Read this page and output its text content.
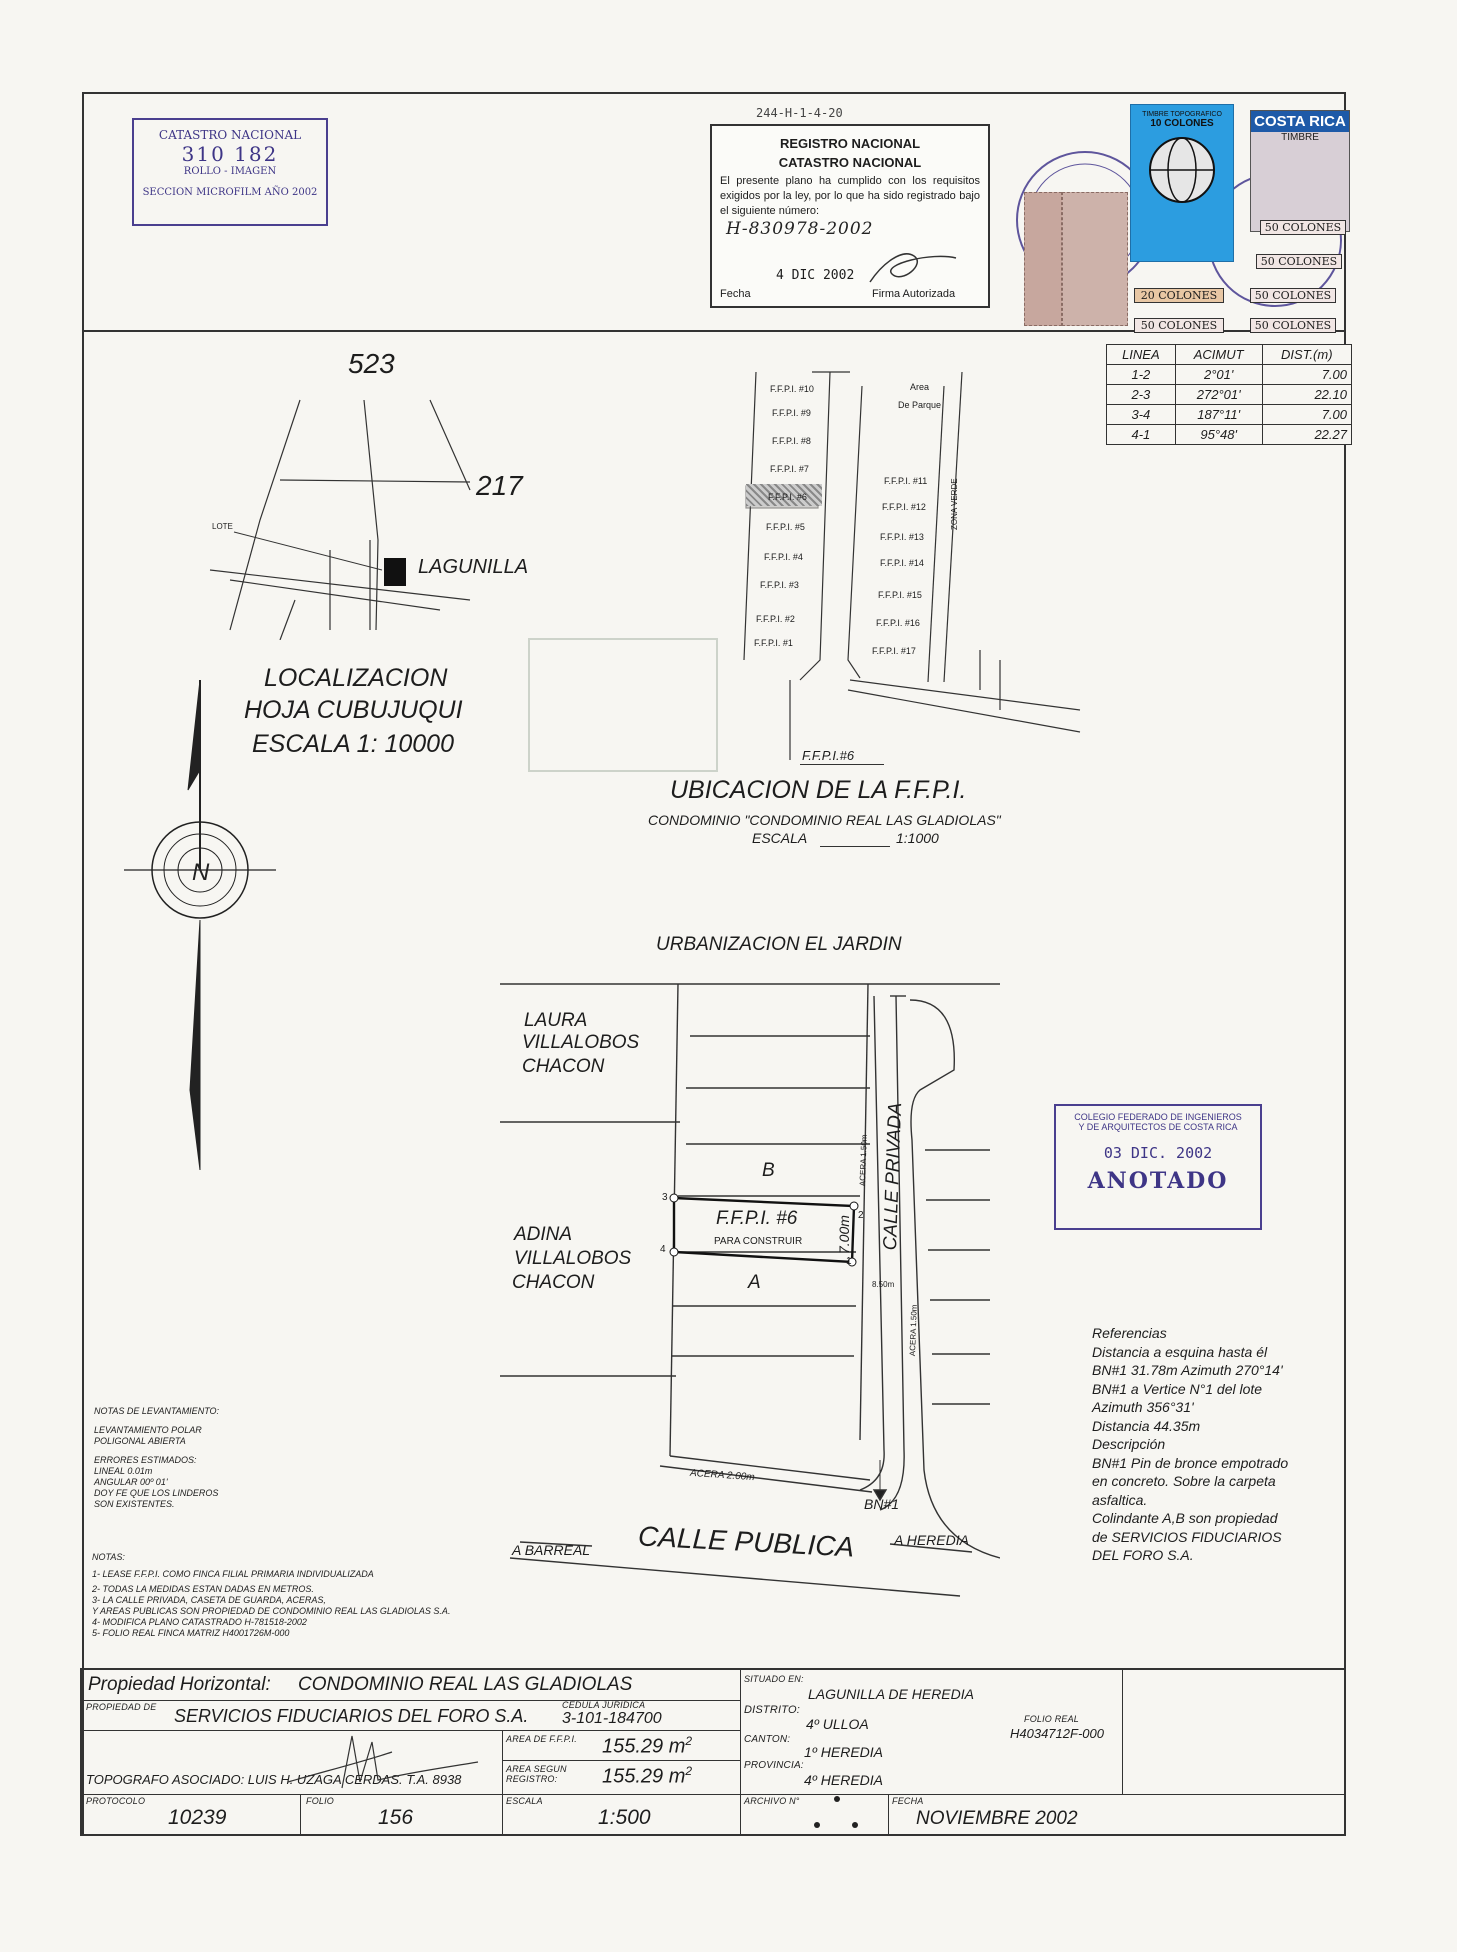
CATASTRO NACIONAL
310 182
ROLLO - IMAGEN
SECCION MICROFILM AÑO 2002
244-H-1-4-20
REGISTRO NACIONAL
CATASTRO NACIONAL
El presente plano ha cumplido con los requisitos exigidos por la ley, por lo que ha sido registrado bajo el siguiente número:
H-830978-2002
4 DIC 2002
Fecha	Firma Autorizada
TIMBRE TOPOGRAFICO
10 COLONES	COSTA RICA
TIMBRE
50 COLONES
50 COLONES
50 COLONES
50 COLONES
20 COLONES
50 COLONES
LINEA	ACIMUT	DIST.(m)
1-2	2°01'	7.00
2-3	272°01'	22.10
3-4	187°11'	7.00
4-1	95°48'	22.27
523
217
LOTE
LAGUNILLA
LOCALIZACION
HOJA CUBUJUQUI
ESCALA 1: 10000
N
F.F.P.I. #10
F.F.P.I. #9
F.F.P.I. #8
F.F.P.I. #7
F.F.P.I. #6
F.F.P.I. #5
F.F.P.I. #4
F.F.P.I. #3
F.F.P.I. #2
F.F.P.I. #1
F.F.P.I. #11
F.F.P.I. #12
F.F.P.I. #13
F.F.P.I. #14
F.F.P.I. #15
F.F.P.I. #16
F.F.P.I. #17
Area
De Parque
ZONA VERDE
F.F.P.I.#6
UBICACION DE LA F.F.P.I.
CONDOMINIO "CONDOMINIO REAL LAS GLADIOLAS"
ESCALA	1:1000
URBANIZACION EL JARDIN
LAURA
VILLALOBOS
CHACON
ADINA
VILLALOBOS
CHACON
B
A
F.F.P.I. #6
PARA CONSTRUIR
3
4
2
1
7.00m CALLE PRIVADA
ACERA 1.50m
ACERA 1.50m
8.50m
ACERA 2.00m
BN#1
CALLE PUBLICA
A BARREAL
A HEREDIA
COLEGIO FEDERADO DE INGENIEROS
Y DE ARQUITECTOS DE COSTA RICA
03 DIC. 2002
ANOTADO
Referencias
Distancia a esquina hasta él
BN#1 31.78m Azimuth 270°14'
BN#1 a Vertice N°1 del lote
Azimuth 356°31'
Distancia 44.35m
Descripción
BN#1 Pin de bronce empotrado
en concreto. Sobre la carpeta
asfaltica.
Colindante A,B son propiedad
de SERVICIOS FIDUCIARIOS
DEL FORO S.A.
NOTAS DE LEVANTAMIENTO:
LEVANTAMIENTO POLAR
POLIGONAL ABIERTA
ERRORES ESTIMADOS:
LINEAL 0.01m
ANGULAR 00º 01'
DOY FE QUE LOS LINDEROS
SON EXISTENTES.
NOTAS:
1- LEASE F.F.P.I. COMO FINCA FILIAL PRIMARIA INDIVIDUALIZADA
2- TODAS LA MEDIDAS ESTAN DADAS EN METROS.
3- LA CALLE PRIVADA, CASETA DE GUARDA, ACERAS,
Y AREAS PUBLICAS SON PROPIEDAD DE CONDOMINIO REAL LAS GLADIOLAS S.A.
4- MODIFICA PLANO CATASTRADO H-781518-2002
5- FOLIO REAL FINCA MATRIZ H4001726M-000
Propiedad Horizontal: CONDOMINIO REAL LAS GLADIOLAS
PROPIEDAD DE SERVICIOS FIDUCIARIOS DEL FORO S.A.
CEDULA JURIDICA
3-101-184700
AREA DE F.F.P.I. 155.29 $m^2$
AREA SEGUN
REGISTRO: 155.29 $m^2$
TOPOGRAFO ASOCIADO: LUIS H. UZAGA CERDAS. T.A. 8938
PROTOCOLO
10239
FOLIO
156
ESCALA
1:500
SITUADO EN:
LAGUNILLA DE HEREDIA
DISTRITO:
4º ULLOA
CANTON:
1º HEREDIA
PROVINCIA:
4º HEREDIA
FOLIO REAL
H4034712F-000
ARCHIVO N°	FECHA
NOVIEMBRE 2002
